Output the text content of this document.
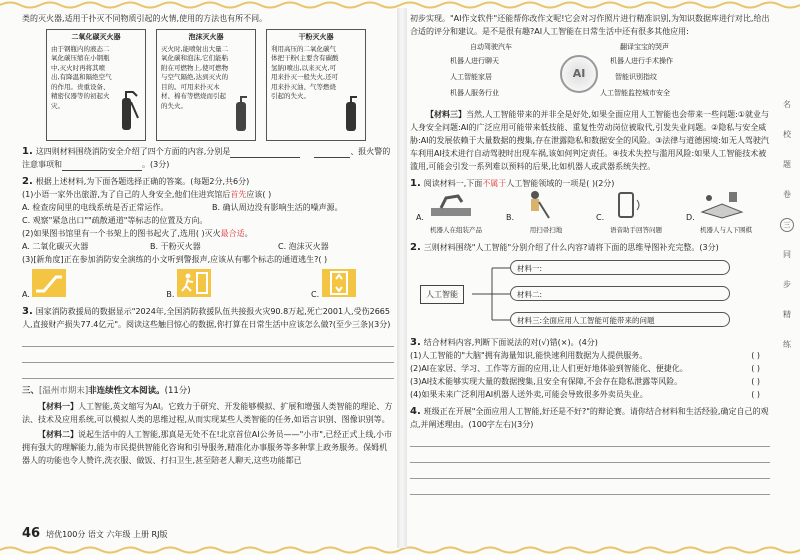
类的灭火器,适用于扑灭不同物质引起的火情,使用的方法也有所不同。

二氧化碳灭火器
由于钢瓶内的液态二氧化碳压缩在小钢瓶中,灭火时再将其喷出,有降温和隔绝空气的作用。贵重设备、精密仪器等的初起火灾。
泡沫灭火器
灭火时,能喷射出大量二氧化碳和泡沫,它们能粘附在可燃物上,使可燃物与空气隔绝,达到灭火的目的。可用来扑灭木材、棉布等燃烧而引起的失火。
干粉灭火器
利用高压的二氧化碳气体把干粉(主要含有碳酸氢钠)喷出,以来灭火,可用来扑灭一般失火,还可用来扑灭油、气等燃烧引起的失火。
1. 这四则材料围绕消防安全介绍了四个方面的内容,分别是	、报火警的注意事项和	。(3分)
2. 根据上述材料,为下面各题选择正确的答案。(每题2分,共6分)
(1)小语一家外出旅游,为了自己的人身安全,他们住进宾馆后首先应该( )
A. 检查房间里的电线系统是否正常运作。	B. 确认周边没有影响生活的噪声源。
C. 观察"紧急出口""疏散通道"等标志的位置及方向。
(2)如果图书馆里有一个书架上的图书起火了,选用( )灭火最合适。
A. 二氧化碳灭火器	B. 干粉灭火器	C. 泡沫灭火器
(3)[新角度]正在参加消防安全演练的小文听到警报声,应该从有哪个标志的通道逃生?( )
A.	B.	C.
3. 国家消防救援局的数据显示"2024年,全国消防救援队伍共接报火灾90.8万起,死亡2001人,受伤2665人,直接财产损失77.4亿元"。阅读这些触目惊心的数据,你打算在日常生活中应该怎么做?(至少三条)(3分)
三、[温州市期末]非连续性文本阅读。(11分)

【材料一】人工智能,英文缩写为AI。它致力于研究、开发能够模拟、扩展和增强人类智能的理论、方法、技术及应用系统,可以模拟人类的思维过程,从而实现某些人类智能的任务,如语言识别、图像识别等。

【材料二】说起生活中的人工智能,那真是无处不在!北京首位AI公务员——"小市",已经正式上线,小市拥有强大的理解能力,能为市民提供智能化咨询和引导服务,精准化办事服务等多种掌上政务服务。保姆机器人的功能也令人赞许,洗衣服、做饭、打扫卫生,甚至陪老人聊天,这些功能都已

46 培优100分 语文 六年级 上册 RJ版

初步实现。"AI作文软件"还能帮你改作文呢!它会对习作照片进行精准识别,为知识数据库进行对比,给出合适的评分和建议。是不是很有趣?AI人工智能在日常生活中还有很多其他应用:

AI
自动驾驶汽车	翻译宝宝的哭声
机器人进行手术操作
机器人进行聊天
人工智能家居	智能识别指纹
机器人服务行业	人工智能监控城市安全

【材料三】当然,人工智能带来的并非全是好处,如果全面应用人工智能也会带来一些问题:①就业与人身安全问题:AI的广泛应用可能带来低技能、重复性劳动岗位被取代,引发失业问题。②隐私与安全威胁:AI的发展依赖于大量数据的搜集,存在泄露隐私和数据安全的风险。③法律与道德困境:如无人驾驶汽车利用AI技术进行自动驾驶时出现车祸,该如何判定责任。④技术失控与滥用风险:如果人工智能技术被滥用,可能会引发一系列难以预料的后果,比如机器人或武器系统失控。

1. 阅读材料一,下面不属于人工智能领域的一项是( )(2分)
A.
机器人在组装产品
B.
用扫帚扫地
C.
语音助手回答问题
D.
机器人与人下围棋
2. 三则材料围绕"人工智能"分别介绍了什么内容?请将下面的思维导图补充完整。(3分)
人工智能
材料一:
材料二:
材料三:全面应用人工智能可能带来的问题
3. 结合材料内容,判断下面说法的对(√)错(×)。(4分)
(1)人工智能的"大脑"拥有海量知识,能快速利用数据为人提供服务。	( )
(2)AI在家居、学习、工作等方面的应用,让人们更好地体验到智能化、便捷化。	( )
(3)AI技术能够实现大量的数据搜集,且安全有保障,不会存在隐私泄露等风险。	( )
(4)如果未来广泛利用AI机器人送外卖,可能会导致很多外卖员失业。	( )
4. 班级正在开展"全面应用人工智能,好还是不好?"的辩论赛。请你结合材料和生活经验,确定自己的观点,并阐述理由。(100字左右)(3分)
名
校
题
卷
三
同
步
精
练
